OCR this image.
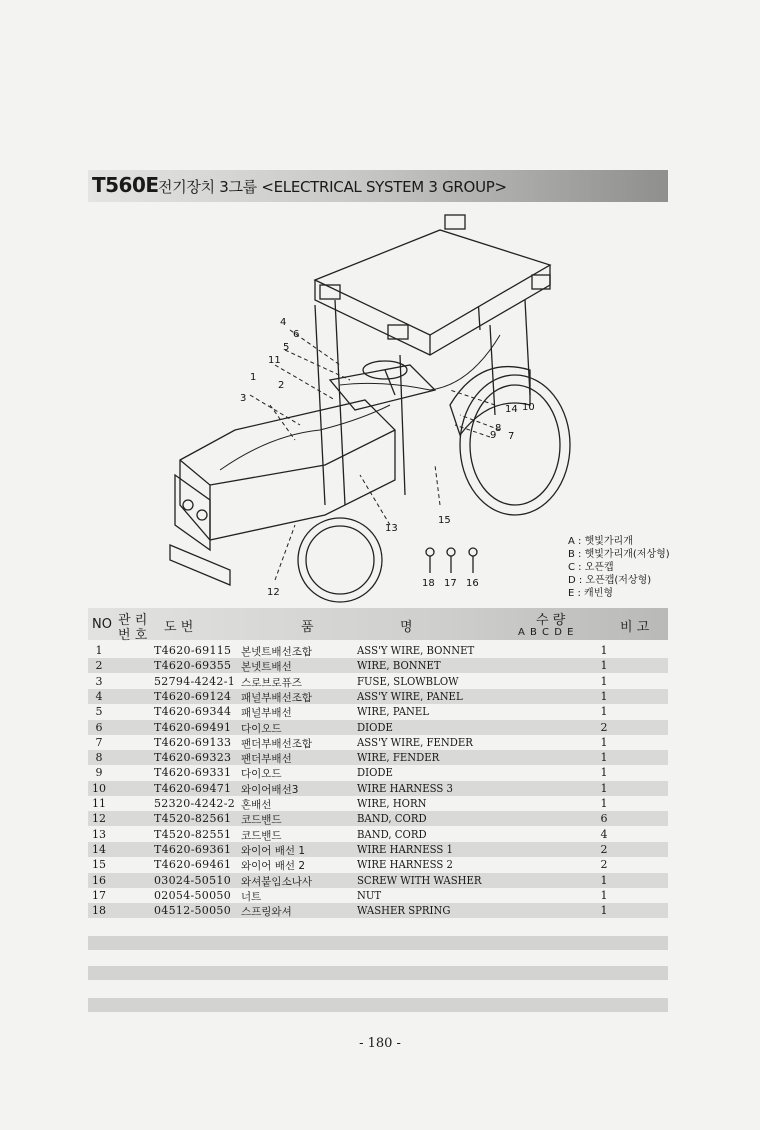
T560E 전기장치 3그룹 <ELECTRICAL SYSTEM 3 GROUP>
4
6
5
11
1
2
3
14 10
8
9 7
15
13
12
18 17 16
A : 햇빛가리개
B : 햇빛가리개(저상형)
C : 오픈캡
D : 오픈캡(저상형)
E : 캐빈형
NO 관 리
번 호
도 번	품	명	수 량
A B C D E	비 고
1	T4620-69115 본넷트배선조합	ASS'Y WIRE, BONNET	1
2	T4620-69355 본넷트배선	WIRE, BONNET	1
3	52794-4242-1 스로브로퓨즈	FUSE, SLOWBLOW	1
4	T4620-69124 패널부배선조합	ASS'Y WIRE, PANEL	1
5	T4620-69344 패널부배선	WIRE, PANEL	1
6	T4620-69491 다이오드	DIODE	2
7	T4620-69133 팬더부배선조합	ASS'Y WIRE, FENDER	1
8	T4620-69323 팬더부배선	WIRE, FENDER	1
9	T4620-69331 다이오드	DIODE	1
10	T4620-69471 와이어배선3	WIRE HARNESS 3	1
11	52320-4242-2 혼배선	WIRE, HORN	1
12	T4520-82561 코드밴드	BAND, CORD	6
13	T4520-82551 코드밴드	BAND, CORD	4
14	T4620-69361 와이어 배선 1	WIRE HARNESS 1	2
15	T4620-69461 와이어 배선 2	WIRE HARNESS 2	2
16	03024-50510 와셔붙임소나사	SCREW WITH WASHER	1
17	02054-50050 너트	NUT	1
18	04512-50050 스프링와셔	WASHER SPRING	1
- 180 -
